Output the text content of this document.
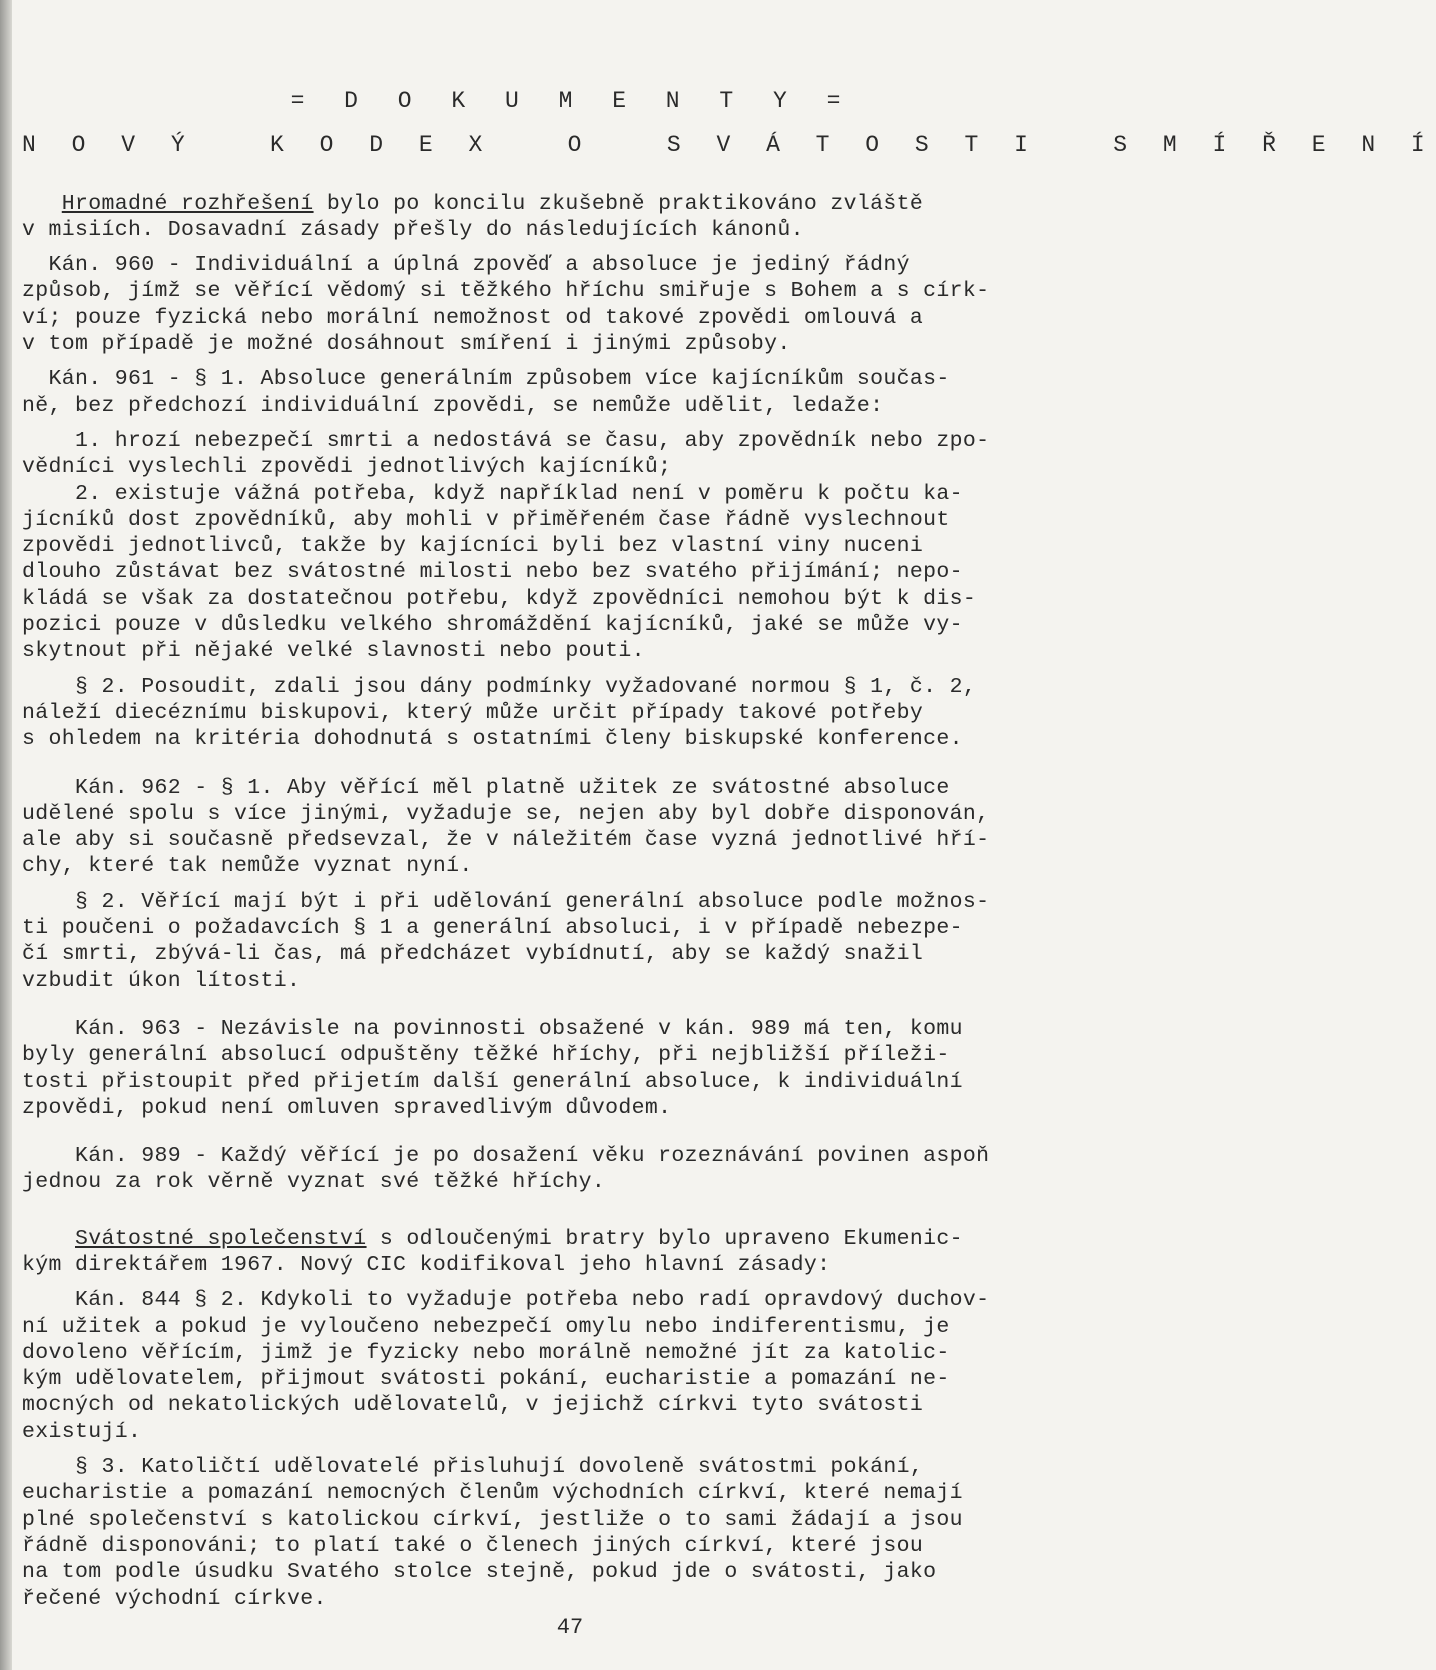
= D O K U M E N T Y =
N O V Ý   K O D E X   O   S V Á T O S T I   S M Í Ř E N Í

Hromadné rozhřešení bylo po koncilu zkušebně praktikováno zvláště

v misiích. Dosavadní zásady přešly do následujících kánonů.

Kán. 960 - Individuální a úplná zpověď a absoluce je jediný řádný

způsob, jímž se věřící vědomý si těžkého hříchu smiřuje s Bohem a s círk-

ví; pouze fyzická nebo morální nemožnost od takové zpovědi omlouvá a

v tom případě je možné dosáhnout smíření i jinými způsoby.

Kán. 961 - § 1. Absoluce generálním způsobem více kajícníkům součas-

ně, bez předchozí individuální zpovědi, se nemůže udělit, ledaže:

1. hrozí nebezpečí smrti a nedostává se času, aby zpovědník nebo zpo-

vědníci vyslechli zpovědi jednotlivých kajícníků;

2. existuje vážná potřeba, když například není v poměru k počtu ka-

jícníků dost zpovědníků, aby mohli v přiměřeném čase řádně vyslechnout

zpovědi jednotlivců, takže by kajícníci byli bez vlastní viny nuceni

dlouho zůstávat bez svátostné milosti nebo bez svatého přijímání; nepo-

kládá se však za dostatečnou potřebu, když zpovědníci nemohou být k dis-

pozici pouze v důsledku velkého shromáždění kajícníků, jaké se může vy-

skytnout při nějaké velké slavnosti nebo pouti.

§ 2. Posoudit, zdali jsou dány podmínky vyžadované normou § 1, č. 2,

náleží diecéznímu biskupovi, který může určit případy takové potřeby

s ohledem na kritéria dohodnutá s ostatními členy biskupské konference.

Kán. 962 - § 1. Aby věřící měl platně užitek ze svátostné absoluce

udělené spolu s více jinými, vyžaduje se, nejen aby byl dobře disponován,

ale aby si současně předsevzal, že v náležitém čase vyzná jednotlivé hří-

chy, které tak nemůže vyznat nyní.

§ 2. Věřící mají být i při udělování generální absoluce podle možnos-

ti poučeni o požadavcích § 1 a generální absoluci, i v případě nebezpe-

čí smrti, zbývá-li čas, má předcházet vybídnutí, aby se každý snažil

vzbudit úkon lítosti.

Kán. 963 - Nezávisle na povinnosti obsažené v kán. 989 má ten, komu

byly generální absolucí odpuštěny těžké hříchy, při nejbližší příleži-

tosti přistoupit před přijetím další generální absoluce, k individuální

zpovědi, pokud není omluven spravedlivým důvodem.

Kán. 989 - Každý věřící je po dosažení věku rozeznávání povinen aspoň

jednou za rok věrně vyznat své těžké hříchy.

Svátostné společenství s odloučenými bratry bylo upraveno Ekumenic-

kým direktářem 1967. Nový CIC kodifikoval jeho hlavní zásady:

Kán. 844 § 2. Kdykoli to vyžaduje potřeba nebo radí opravdový duchov-

ní užitek a pokud je vyloučeno nebezpečí omylu nebo indiferentismu, je

dovoleno věřícím, jimž je fyzicky nebo morálně nemožné jít za katolic-

kým udělovatelem, přijmout svátosti pokání, eucharistie a pomazání ne-

mocných od nekatolických udělovatelů, v jejichž církvi tyto svátosti

existují.

§ 3. Katoličtí udělovatelé přisluhují dovoleně svátostmi pokání,

eucharistie a pomazání nemocných členům východních církví, které nemají

plné společenství s katolickou církví, jestliže o to sami žádají a jsou

řádně disponováni; to platí také o členech jiných církví, které jsou

na tom podle úsudku Svatého stolce stejně, pokud jde o svátosti, jako

řečené východní církve.

47
